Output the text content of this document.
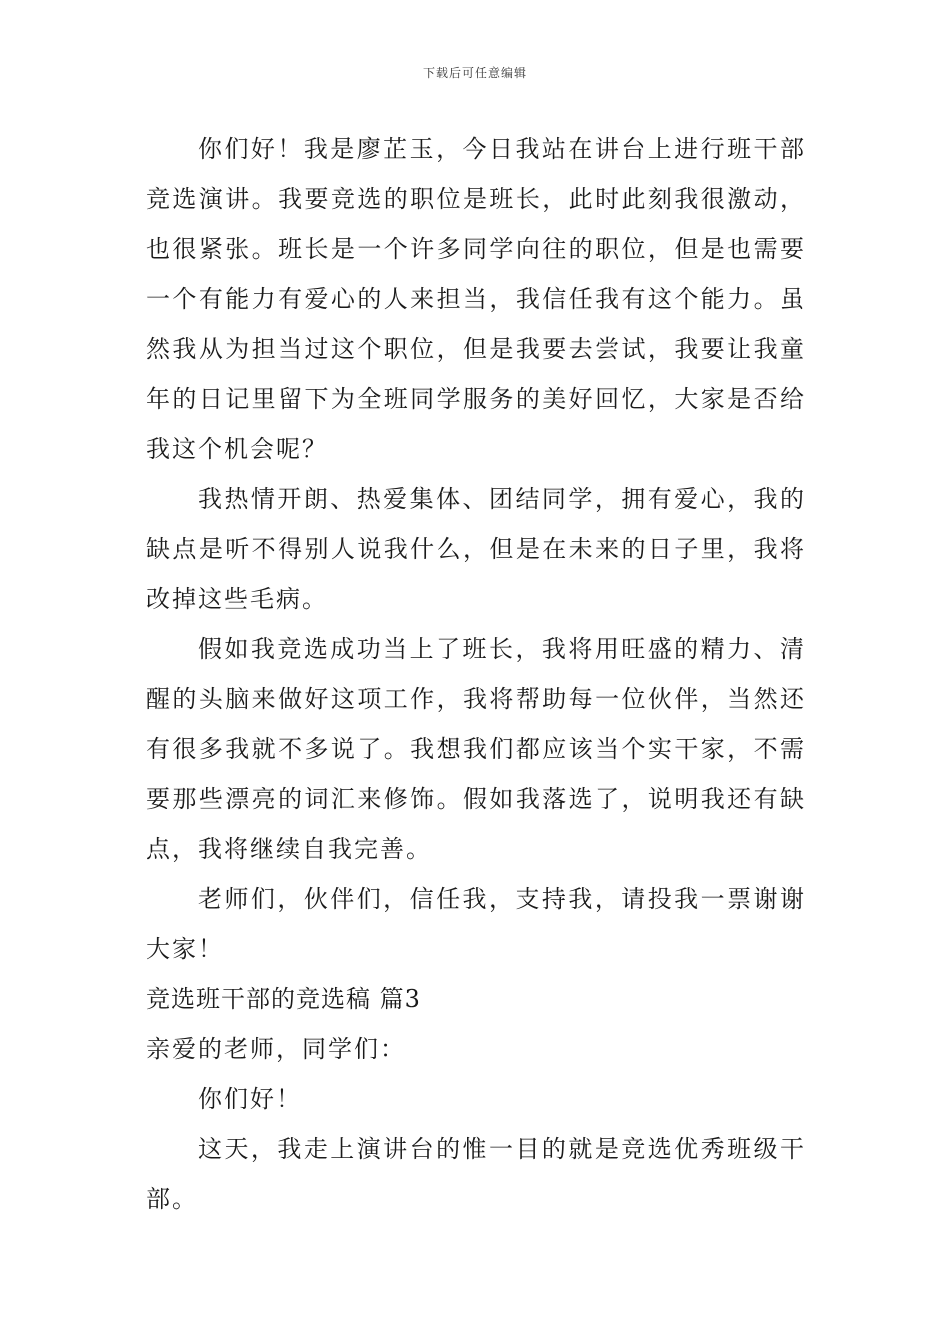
下载后可任意编辑

你们好！我是廖芷玉，今日我站在讲台上进行班干部竞选演讲。我要竞选的职位是班长，此时此刻我很激动，也很紧张。班长是一个许多同学向往的职位，但是也需要一个有能力有爱心的人来担当，我信任我有这个能力。虽然我从为担当过这个职位，但是我要去尝试，我要让我童年的日记里留下为全班同学服务的美好回忆，大家是否给我这个机会呢？

我热情开朗、热爱集体、团结同学，拥有爱心，我的缺点是听不得别人说我什么，但是在未来的日子里，我将改掉这些毛病。

假如我竞选成功当上了班长，我将用旺盛的精力、清醒的头脑来做好这项工作，我将帮助每一位伙伴，当然还有很多我就不多说了。我想我们都应该当个实干家，不需要那些漂亮的词汇来修饰。假如我落选了，说明我还有缺点，我将继续自我完善。

老师们，伙伴们，信任我，支持我，请投我一票谢谢大家！

竞选班干部的竞选稿 篇3

亲爱的老师，同学们：

你们好！

这天，我走上演讲台的惟一目的就是竞选优秀班级干部。
